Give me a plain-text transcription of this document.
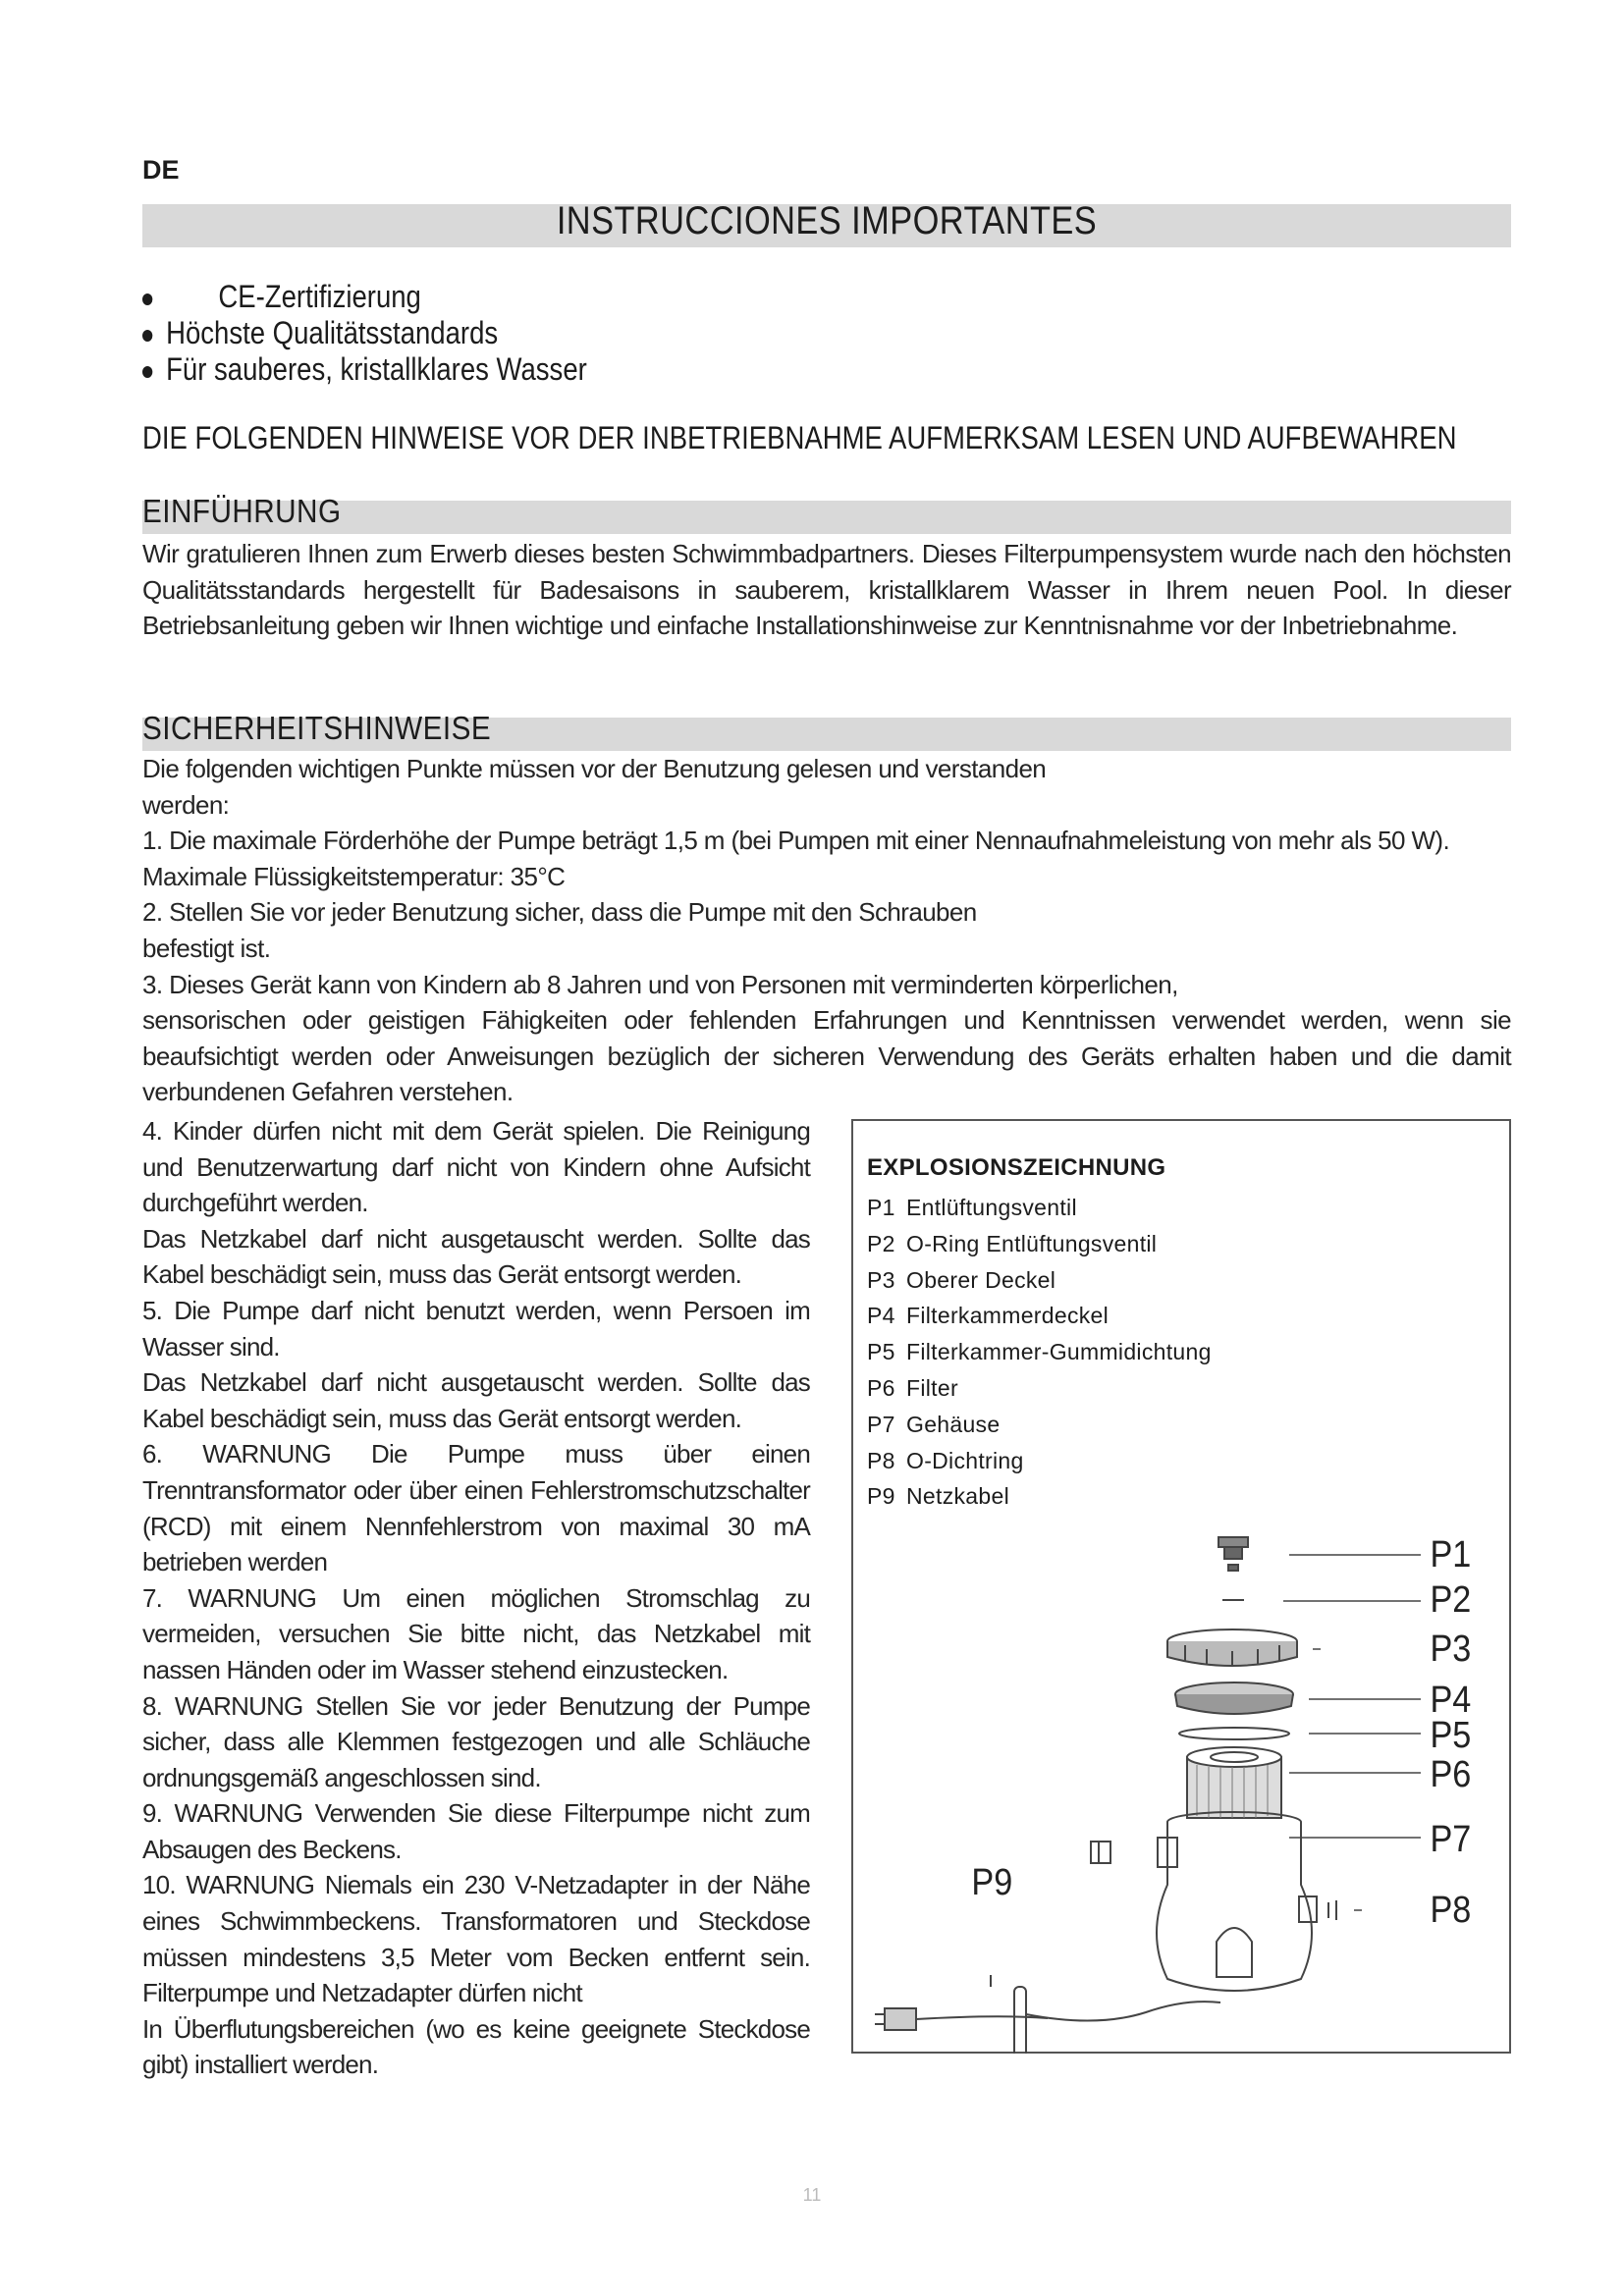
DE
INSTRUCCIONES IMPORTANTES
CE-Zertifizierung
Höchste Qualitätsstandards
Für sauberes, kristallklares Wasser
DIE FOLGENDEN HINWEISE VOR DER INBETRIEBNAHME AUFMERKSAM LESEN UND AUFBEWAHREN
EINFÜHRUNG
Wir gratulieren Ihnen zum Erwerb dieses besten Schwimmbadpartners. Dieses Filterpumpensystem wurde nach den höchsten Qualitätsstandards hergestellt für Badesaisons in sauberem, kristallklarem Wasser in Ihrem neuen Pool. In dieser Betriebsanleitung geben wir Ihnen wichtige und einfache Installationshinweise zur Kenntnisnahme vor der Inbetriebnahme.
SICHERHEITSHINWEISE
Die folgenden wichtigen Punkte müssen vor der Benutzung gelesen und verstanden
werden:
1. Die maximale Förderhöhe der Pumpe beträgt 1,5 m (bei Pumpen mit einer Nennaufnahmeleistung von mehr als 50 W).
Maximale Flüssigkeitstemperatur: 35°C
2. Stellen Sie vor jeder Benutzung sicher, dass die Pumpe mit den Schrauben
befestigt ist.
3. Dieses Gerät kann von Kindern ab 8 Jahren und von Personen mit verminderten körperlichen,
sensorischen oder geistigen Fähigkeiten oder fehlenden Erfahrungen und Kenntnissen verwendet werden, wenn sie beaufsichtigt werden oder Anweisungen bezüglich der sicheren Verwendung des Geräts erhalten haben und die damit verbundenen Gefahren verstehen.

4. Kinder dürfen nicht mit dem Gerät spielen. Die Reinigung und Benutzerwartung darf nicht von Kindern ohne Aufsicht durchgeführt werden.

Das Netzkabel darf nicht ausgetauscht werden. Sollte das Kabel beschädigt sein, muss das Gerät entsorgt werden.

5. Die Pumpe darf nicht benutzt werden, wenn Persoen im Wasser sind.

Das Netzkabel darf nicht ausgetauscht werden. Sollte das Kabel beschädigt sein, muss das Gerät entsorgt werden.

6. WARNUNG Die Pumpe muss über einen Trenntransformator oder über einen Fehlerstromschutzschalter (RCD) mit einem Nennfehlerstrom von maximal 30 mA betrieben werden

7. WARNUNG Um einen möglichen Stromschlag zu vermeiden, versuchen Sie bitte nicht, das Netzkabel mit nassen Händen oder im Wasser stehend einzustecken.

8. WARNUNG Stellen Sie vor jeder Benutzung der Pumpe sicher, dass alle Klemmen festgezogen und alle Schläuche ordnungsgemäß angeschlossen sind.

9. WARNUNG Verwenden Sie diese Filterpumpe nicht zum Absaugen des Beckens.

10. WARNUNG Niemals ein 230 V-Netzadapter in der Nähe eines Schwimmbeckens. Transformatoren und Steckdose müssen mindestens 3,5 Meter vom Becken entfernt sein. Filterpumpe und Netzadapter dürfen nicht

In Überflutungsbereichen (wo es keine geeignete Steckdose gibt) installiert werden.

EXPLOSIONSZEICHNUNG
P1 Entlüftungsventil
P2 O-Ring Entlüftungsventil
P3 Oberer Deckel
P4 Filterkammerdeckel
P5 Filterkammer-Gummidichtung
P6 Filter
P7 Gehäuse
P8 O-Dichtring
P9 Netzkabel
P1
P2
P3
P4
P5
P6
P7
P8
P9
11
